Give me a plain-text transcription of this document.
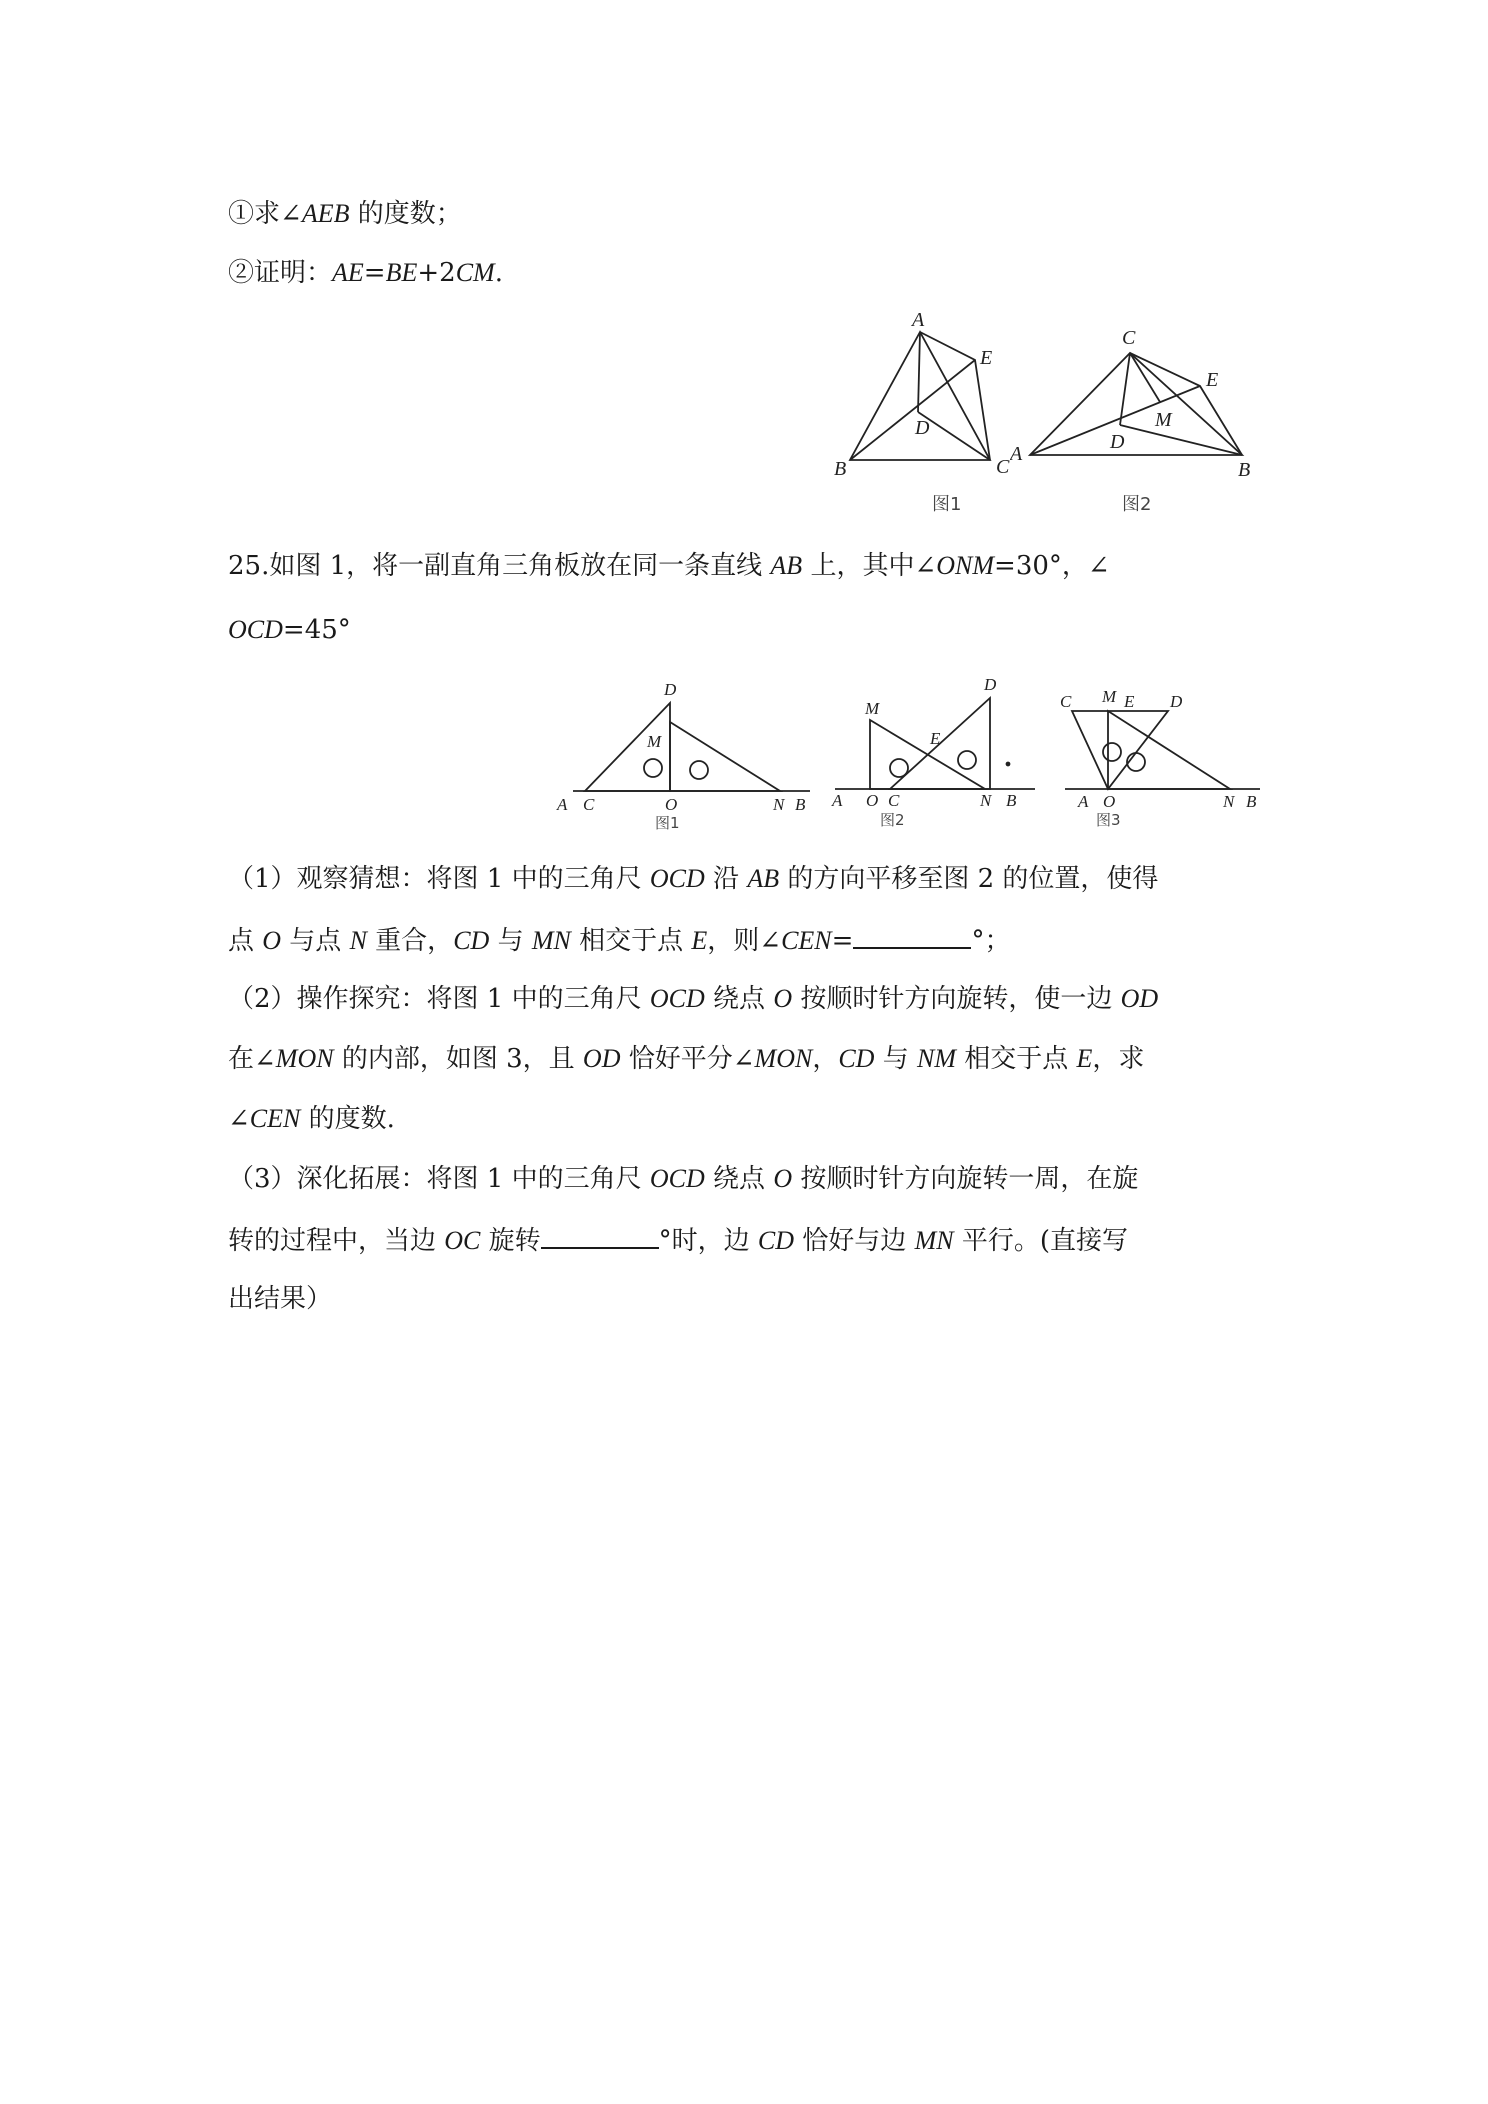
①求∠AEB 的度数；
②证明：AE=BE+2CM.
A
E
D
B	C
图1
C
E
M
D
A
B
图2
25.如图 1，将一副直角三角板放在同一条直线 AB 上，其中∠ONM=30°，∠
OCD=45°
D
M
A C	O	N B
图1
D
M
E
A O C	N B
图2
C M E D
A O	N B
图3
（1）观察猜想：将图 1 中的三角尺 OCD 沿 AB 的方向平移至图 2 的位置，使得
点 O 与点 N 重合，CD 与 MN 相交于点 E，则∠CEN=	°；
（2）操作探究：将图 1 中的三角尺 OCD 绕点 O 按顺时针方向旋转，使一边 OD
在∠MON 的内部，如图 3，且 OD 恰好平分∠MON，CD 与 NM 相交于点 E，求
∠CEN 的度数.
（3）深化拓展：将图 1 中的三角尺 OCD 绕点 O 按顺时针方向旋转一周，在旋
转的过程中，当边 OC 旋转	°时，边 CD 恰好与边 MN 平行。(直接写
出结果）
